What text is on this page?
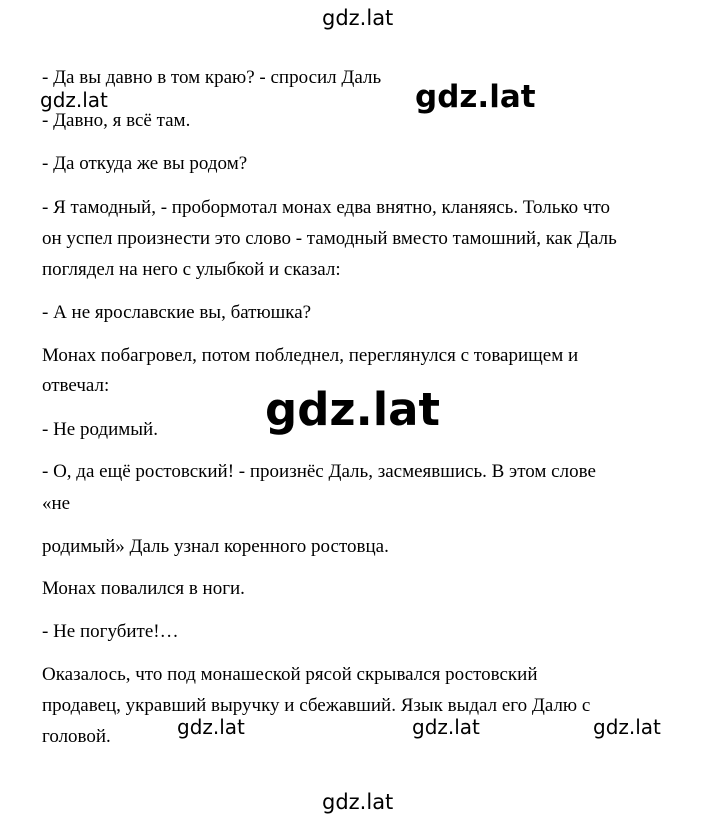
gdz.lat

- Да вы давно в том краю? - спросил Даль

gdz.lat	gdz.lat

- Давно, я всё там.

- Да откуда же вы родом?

- Я тамодный, - пробормотал монах едва внятно, кланяясь. Только что

он успел произнести это слово - тамодный вместо тамошний, как Даль

поглядел на него с улыбкой и сказал:

- А не ярославские вы, батюшка?

Монах побагровел, потом побледнел, переглянулся с товарищем и

отвечал:	gdz.lat

- Не родимый.

- О, да ещё ростовский! - произнёс Даль, засмеявшись. В этом слове

«не

родимый» Даль узнал коренного ростовца.

Монах повалился в ноги.

- Не погубите!…

Оказалось, что под монашеской рясой скрывался ростовский

продавец, укравший выручку и сбежавший. Язык выдал его Далю с

головой.	gdz.lat	gdz.lat	gdz.lat
gdz.lat
